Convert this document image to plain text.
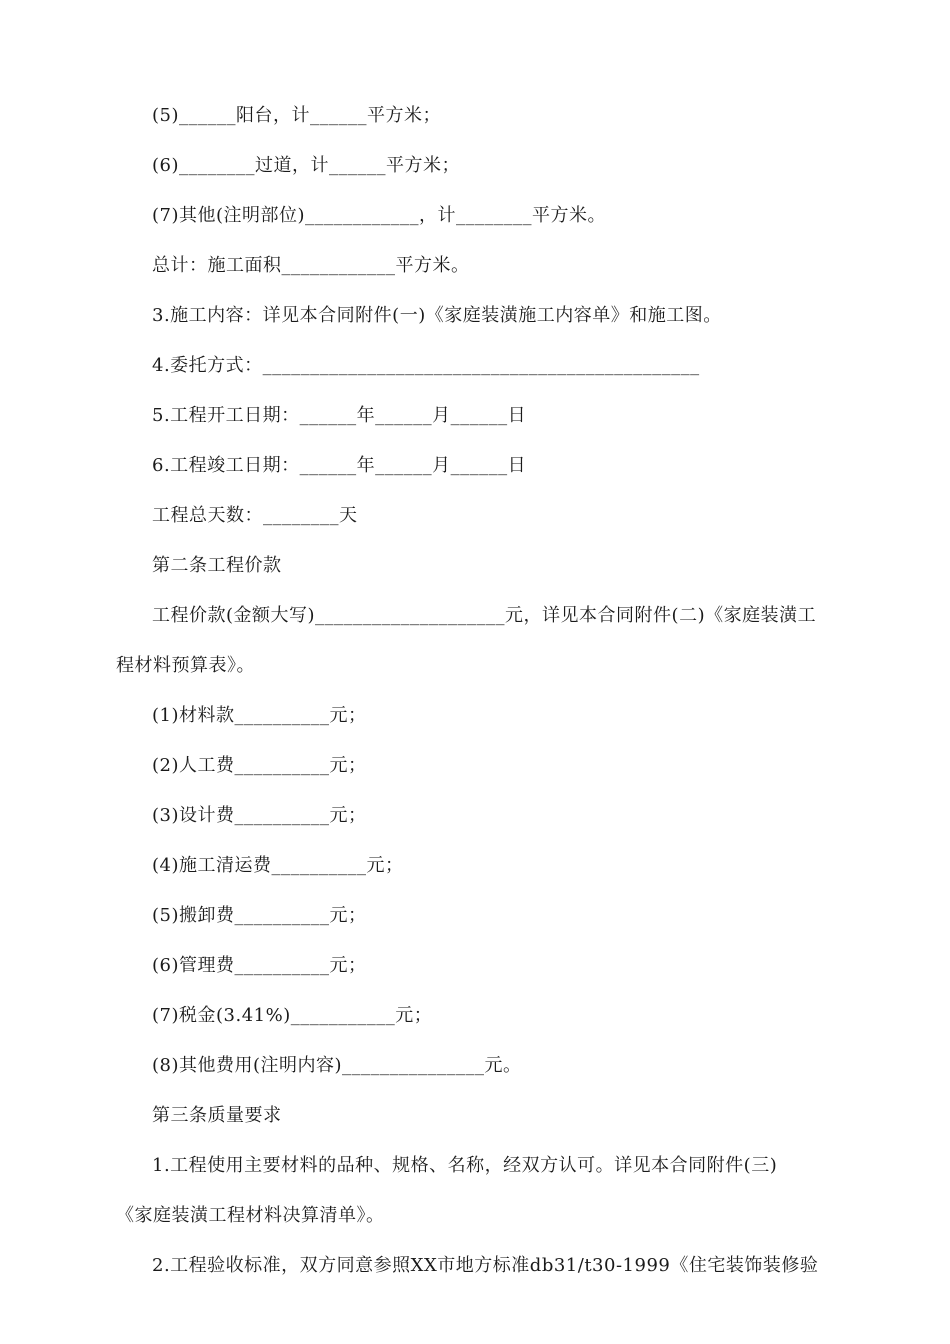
(5)______阳台，计______平方米；
(6)________过道，计______平方米；
(7)其他(注明部位)____________，计________平方米。
总计：施工面积____________平方米。
3.施工内容：详见本合同附件(一)《家庭装潢施工内容单》和施工图。
4.委托方式：______________________________________________
5.工程开工日期：______年______月______日
6.工程竣工日期：______年______月______日
工程总天数：________天
第二条工程价款
工程价款(金额大写)____________________元，详见本合同附件(二)《家庭装潢工
程材料预算表》。
(1)材料款__________元；
(2)人工费__________元；
(3)设计费__________元；
(4)施工清运费__________元；
(5)搬卸费__________元；
(6)管理费__________元；
(7)税金(3.41%)___________元；
(8)其他费用(注明内容)_______________元。
第三条质量要求
1.工程使用主要材料的品种、规格、名称，经双方认可。详见本合同附件(三)
《家庭装潢工程材料决算清单》。
2.工程验收标准，双方同意参照XX市地方标准db31/t30-1999《住宅装饰装修验
